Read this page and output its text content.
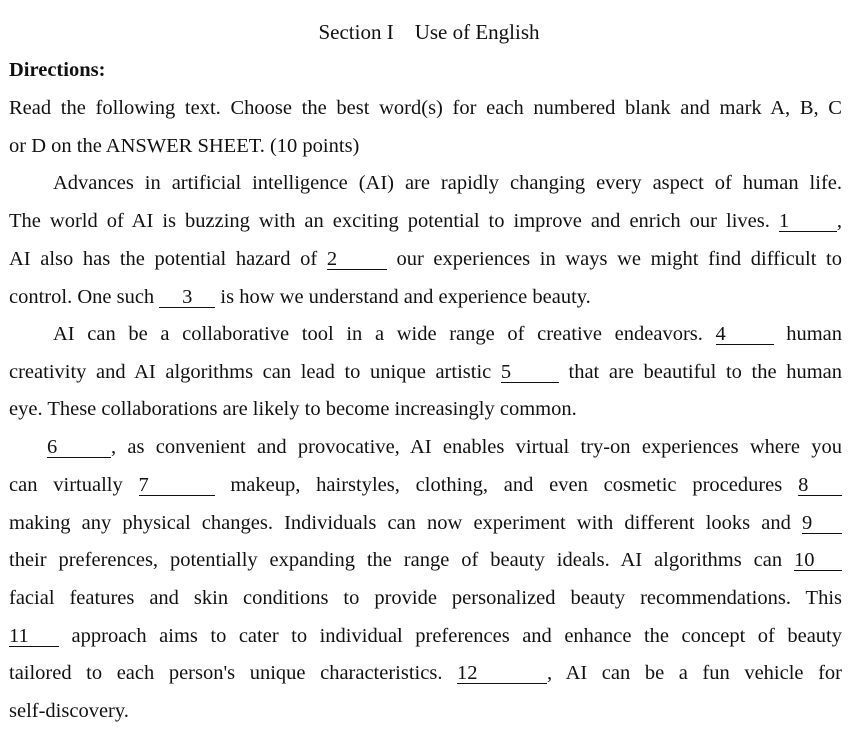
Section I Use of English
Directions:
Read the following text. Choose the best word(s) for each numbered blank and mark A, B, C
or D on the ANSWER SHEET. (10 points)
Advances in artificial intelligence (AI) are rapidly changing every aspect of human life.
The world of AI is buzzing with an exciting potential to improve and enrich our lives. 1 ,
AI also has the potential hazard of 2	our experiences in ways we might find difficult to
control. One such 3 is how we understand and experience beauty.
AI can be a collaborative tool in a wide range of creative endeavors. 4	human
creativity and AI algorithms can lead to unique artistic 5	that are beautiful to the human
eye. These collaborations are likely to become increasingly common.
6	, as convenient and provocative, AI enables virtual try-on experiences where you
can virtually 7	makeup, hairstyles, clothing, and even cosmetic procedures 8
making any physical changes. Individuals can now experiment with different looks and 9
their preferences, potentially expanding the range of beauty ideals. AI algorithms can 10
facial features and skin conditions to provide personalized beauty recommendations. This
11 approach aims to cater to individual preferences and enhance the concept of beauty
tailored to each person's unique characteristics. 12	, AI can be a fun vehicle for
self-discovery.
